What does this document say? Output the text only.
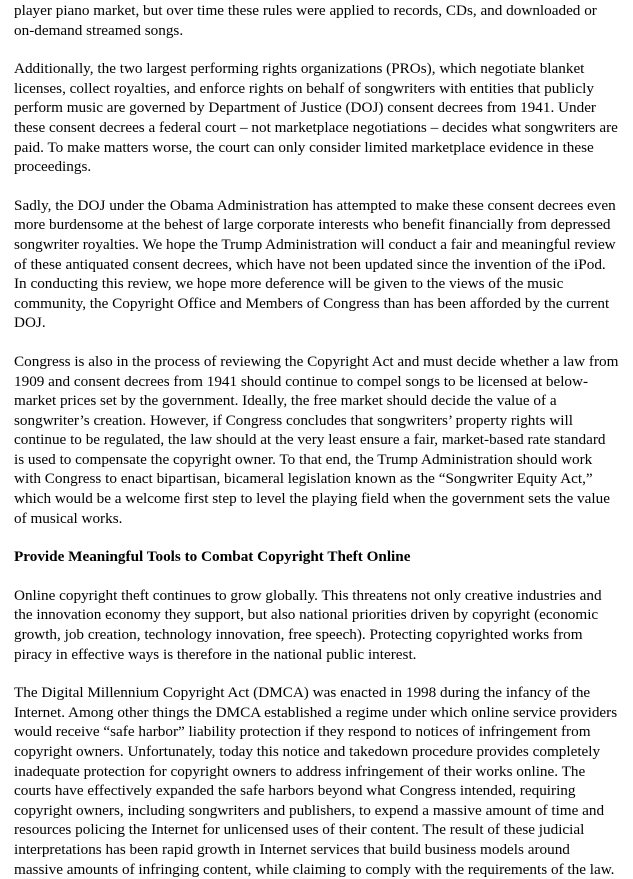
player piano market, but over time these rules were applied to records, CDs, and downloaded or on-demand streamed songs.

Additionally, the two largest performing rights organizations (PROs), which negotiate blanket licenses, collect royalties, and enforce rights on behalf of songwriters with entities that publicly perform music are governed by Department of Justice (DOJ) consent decrees from 1941. Under these consent decrees a federal court – not marketplace negotiations – decides what songwriters are paid. To make matters worse, the court can only consider limited marketplace evidence in these proceedings.

Sadly, the DOJ under the Obama Administration has attempted to make these consent decrees even more burdensome at the behest of large corporate interests who benefit financially from depressed songwriter royalties. We hope the Trump Administration will conduct a fair and meaningful review of these antiquated consent decrees, which have not been updated since the invention of the iPod. In conducting this review, we hope more deference will be given to the views of the music community, the Copyright Office and Members of Congress than has been afforded by the current DOJ.

Congress is also in the process of reviewing the Copyright Act and must decide whether a law from 1909 and consent decrees from 1941 should continue to compel songs to be licensed at below-market prices set by the government. Ideally, the free market should decide the value of a songwriter’s creation. However, if Congress concludes that songwriters’ property rights will continue to be regulated, the law should at the very least ensure a fair, market-based rate standard is used to compensate the copyright owner. To that end, the Trump Administration should work with Congress to enact bipartisan, bicameral legislation known as the “Songwriter Equity Act,” which would be a welcome first step to level the playing field when the government sets the value of musical works.

Provide Meaningful Tools to Combat Copyright Theft Online

Online copyright theft continues to grow globally. This threatens not only creative industries and the innovation economy they support, but also national priorities driven by copyright (economic growth, job creation, technology innovation, free speech). Protecting copyrighted works from piracy in effective ways is therefore in the national public interest.

The Digital Millennium Copyright Act (DMCA) was enacted in 1998 during the infancy of the Internet. Among other things the DMCA established a regime under which online service providers would receive “safe harbor” liability protection if they respond to notices of infringement from copyright owners. Unfortunately, today this notice and takedown procedure provides completely inadequate protection for copyright owners to address infringement of their works online. The courts have effectively expanded the safe harbors beyond what Congress intended, requiring copyright owners, including songwriters and publishers, to expend a massive amount of time and resources policing the Internet for unlicensed uses of their content. The result of these judicial interpretations has been rapid growth in Internet services that build business models around massive amounts of infringing content, while claiming to comply with the requirements of the law.
